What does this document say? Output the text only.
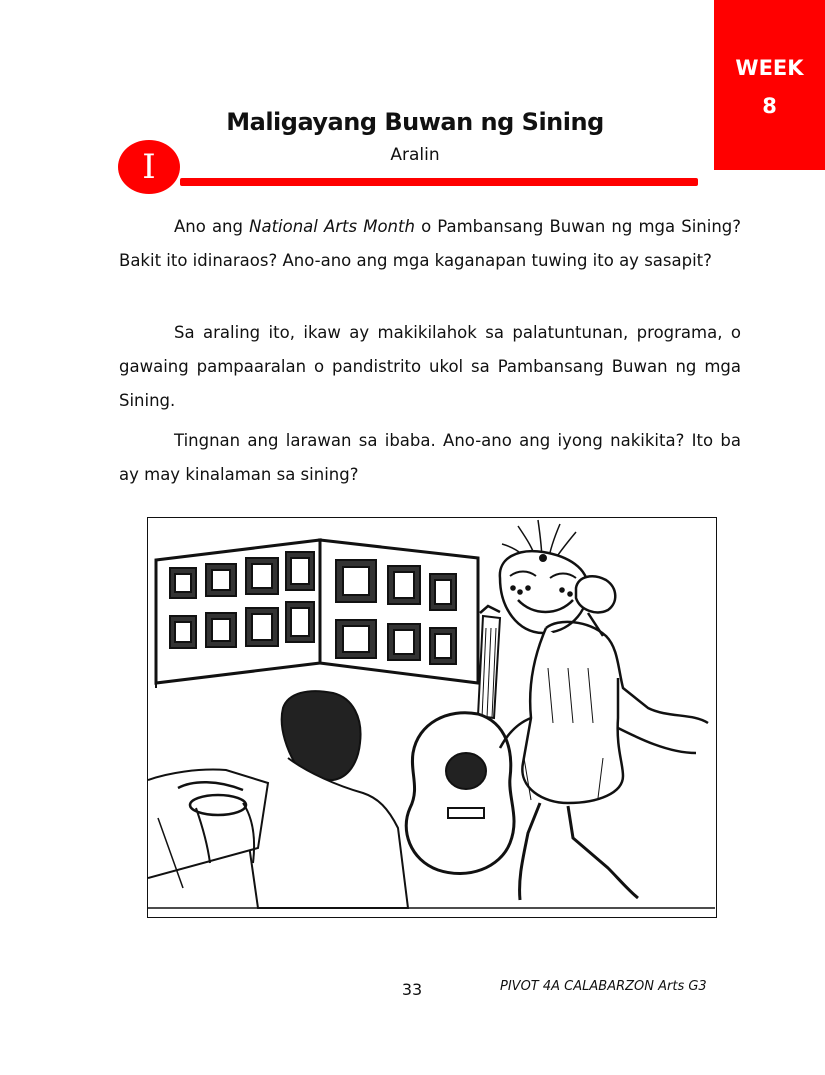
WEEK
8
Maligayang Buwan ng Sining
Aralin
I

Ano ang National Arts Month o Pambansang Buwan ng mga Sining? Bakit ito idinaraos? Ano-ano ang mga kaganapan tuwing ito ay sasapit?

Sa araling ito, ikaw ay makikilahok sa palatuntunan, programa, o gawaing pampaaralan o pandistrito ukol sa Pambansang Buwan ng mga Sining.

Tingnan ang larawan sa ibaba. Ano-ano ang iyong nakikita? Ito ba ay may kinalaman sa sining?

33	PIVOT 4A CALABARZON Arts G3
